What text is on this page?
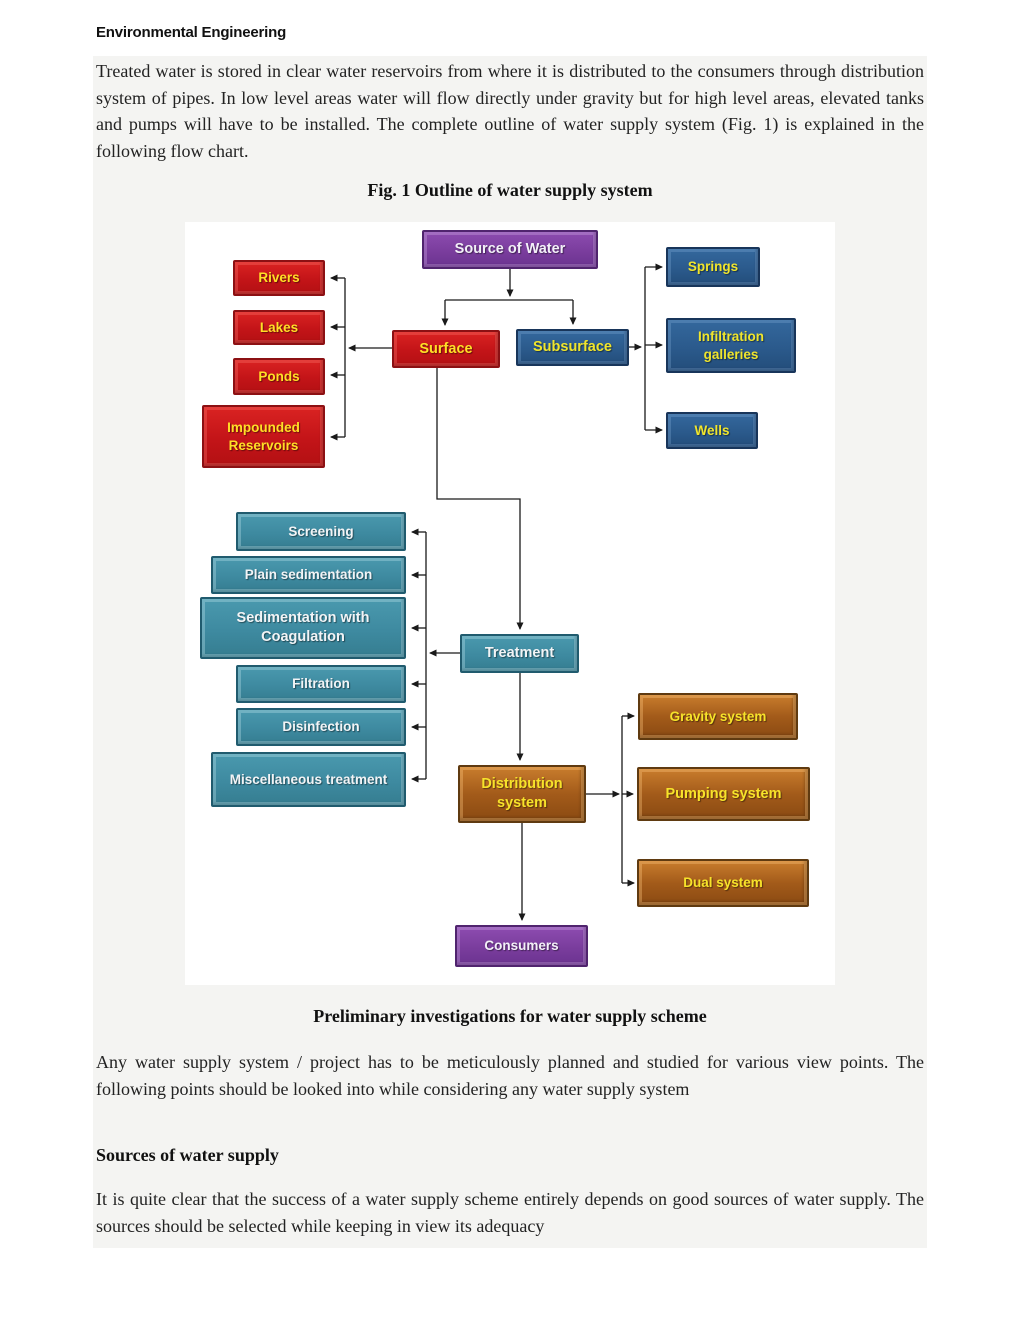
Environmental Engineering
Treated water is stored in clear water reservoirs from where it is distributed to the consumers through distribution system of pipes. In low level areas water will flow directly under gravity but for high level areas, elevated tanks and pumps will have to be installed. The complete outline of water supply system (Fig. 1) is explained in the following flow chart.
Fig. 1 Outline of water supply system
Source of Water
Rivers
Lakes
Ponds
Impounded Reservoirs
Surface	Subsurface
Springs
Infiltration galleries
Wells
Screening
Plain sedimentation
Sedimentation with Coagulation
Filtration
Disinfection
Miscellaneous treatment
Treatment
Distribution system
Gravity system
Pumping system
Dual system
Consumers
Preliminary investigations for water supply scheme
Any water supply system / project has to be meticulously planned and studied for various view points. The following points should be looked into while considering any water supply system
Sources of water supply
It is quite clear that the success of a water supply scheme entirely depends on good sources of water supply. The sources should be selected while keeping in view its adequacy
